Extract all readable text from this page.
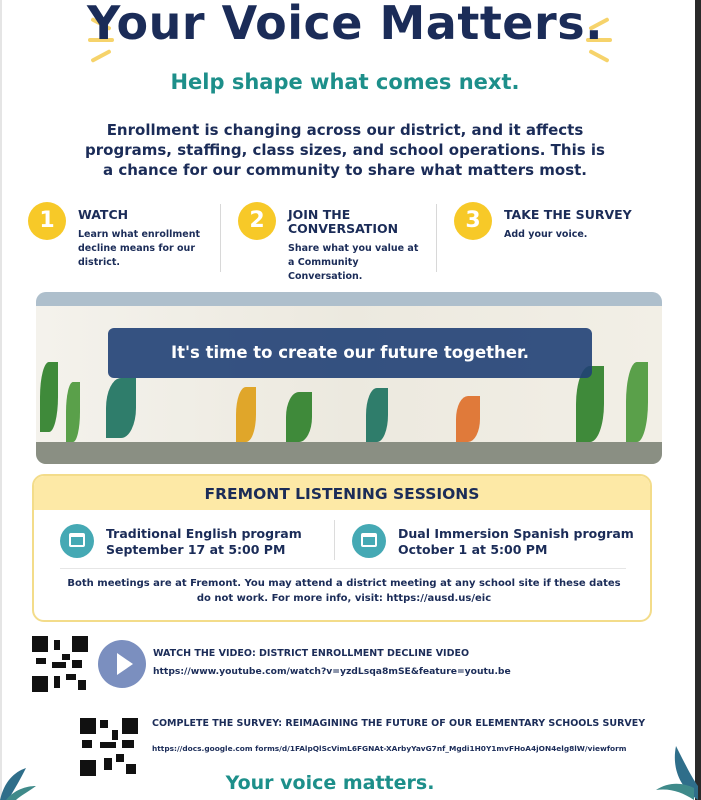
Your Voice Matters.
Help shape what comes next.
Enrollment is changing across our district, and it affects programs, staffing, class sizes, and school operations. This is a chance for our community to share what matters most.
1	WATCH
Learn what enrollment decline means for our district.
2	JOIN THE CONVERSATION
Share what you value at a Community Conversation.
3	TAKE THE SURVEY
Add your voice.
It's time to create our future together.
FREMONT LISTENING SESSIONS
Traditional English program
September 17 at 5:00 PM
Dual Immersion Spanish program
October 1 at 5:00 PM
Both meetings are at Fremont. You may attend a district meeting at any school site if these dates do not work. For more info, visit: https://ausd.us/eic
WATCH THE VIDEO: DISTRICT ENROLLMENT DECLINE VIDEO
https://www.youtube.com/watch?v=yzdLsqa8mSE&feature=youtu.be
COMPLETE THE SURVEY: REIMAGINING THE FUTURE OF OUR ELEMENTARY SCHOOLS SURVEY
https://docs.google.com forms/d/1FAlpQlScVimL6FGNAt-XArbyYavG7nf_Mgdi1H0Y1mvFHoA4jON4elg8lW/viewform
Your voice matters.
